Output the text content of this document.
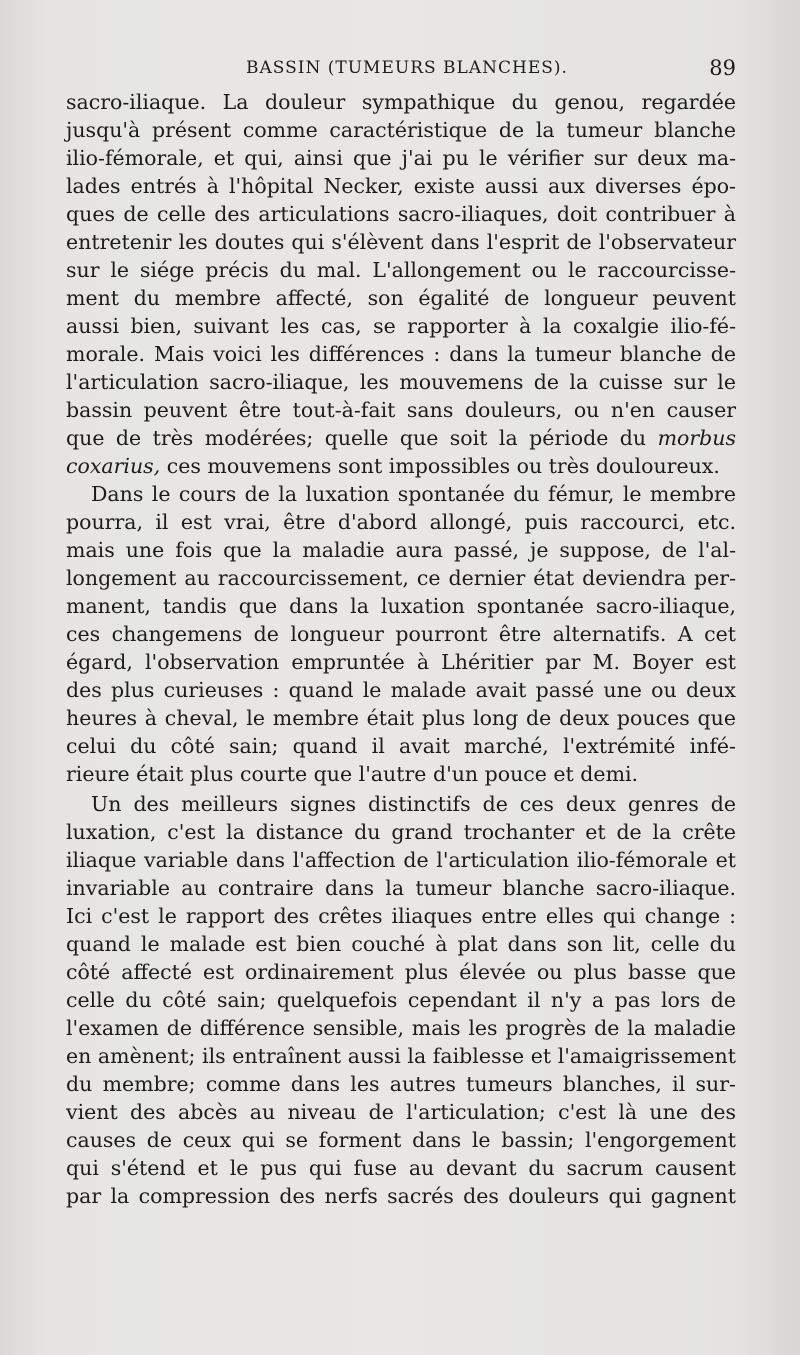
BASSIN (TUMEURS BLANCHES).	89
sacro-iliaque. La douleur sympathique du genou, regardée
jusqu'à présent comme caractéristique de la tumeur blanche
ilio-fémorale, et qui, ainsi que j'ai pu le vérifier sur deux ma-
lades entrés à l'hôpital Necker, existe aussi aux diverses épo-
ques de celle des articulations sacro-iliaques, doit contribuer à
entretenir les doutes qui s'élèvent dans l'esprit de l'observateur
sur le siége précis du mal. L'allongement ou le raccourcisse-
ment du membre affecté, son égalité de longueur peuvent
aussi bien, suivant les cas, se rapporter à la coxalgie ilio-fé-
morale. Mais voici les différences : dans la tumeur blanche de
l'articulation sacro-iliaque, les mouvemens de la cuisse sur le
bassin peuvent être tout-à-fait sans douleurs, ou n'en causer
que de très modérées; quelle que soit la période du morbus
coxarius, ces mouvemens sont impossibles ou très douloureux.
Dans le cours de la luxation spontanée du fémur, le membre
pourra, il est vrai, être d'abord allongé, puis raccourci, etc.
mais une fois que la maladie aura passé, je suppose, de l'al-
longement au raccourcissement, ce dernier état deviendra per-
manent, tandis que dans la luxation spontanée sacro-iliaque,
ces changemens de longueur pourront être alternatifs. A cet
égard, l'observation empruntée à Lhéritier par M. Boyer est
des plus curieuses : quand le malade avait passé une ou deux
heures à cheval, le membre était plus long de deux pouces que
celui du côté sain; quand il avait marché, l'extrémité infé-
rieure était plus courte que l'autre d'un pouce et demi.
Un des meilleurs signes distinctifs de ces deux genres de
luxation, c'est la distance du grand trochanter et de la crête
iliaque variable dans l'affection de l'articulation ilio-fémorale et
invariable au contraire dans la tumeur blanche sacro-iliaque.
Ici c'est le rapport des crêtes iliaques entre elles qui change :
quand le malade est bien couché à plat dans son lit, celle du
côté affecté est ordinairement plus élevée ou plus basse que
celle du côté sain; quelquefois cependant il n'y a pas lors de
l'examen de différence sensible, mais les progrès de la maladie
en amènent; ils entraînent aussi la faiblesse et l'amaigrissement
du membre; comme dans les autres tumeurs blanches, il sur-
vient des abcès au niveau de l'articulation; c'est là une des
causes de ceux qui se forment dans le bassin; l'engorgement
qui s'étend et le pus qui fuse au devant du sacrum causent
par la compression des nerfs sacrés des douleurs qui gagnent
